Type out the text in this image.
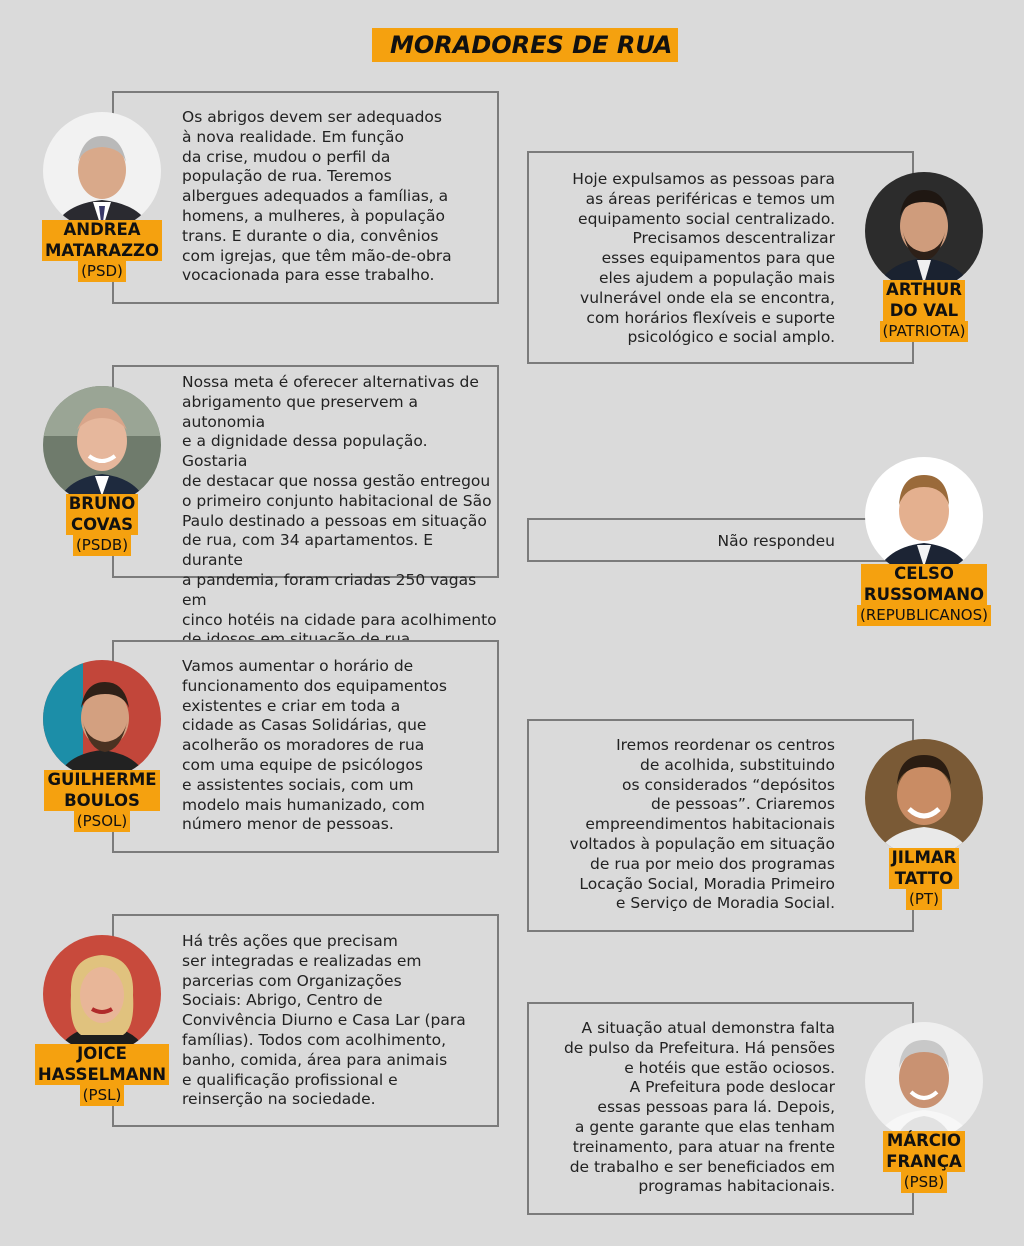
MORADORES DE RUA
ANDREA
MATARAZZO
(PSD)
Os abrigos devem ser adequados
à nova realidade. Em função
da crise, mudou o perfil da
população de rua. Teremos
albergues adequados a famílias, a
homens, a mulheres, à população
trans. E durante o dia, convênios
com igrejas, que têm mão-de-obra
vocacionada para esse trabalho.
BRUNO
COVAS
(PSDB)
Nossa meta é oferecer alternativas de
abrigamento que preservem a autonomia
e a dignidade dessa população. Gostaria
de destacar que nossa gestão entregou
o primeiro conjunto habitacional de São
Paulo destinado a pessoas em situação
de rua, com 34 apartamentos. E durante
a pandemia, foram criadas 250 vagas em
cinco hotéis na cidade para acolhimento

GUILHERME
BOULOS
(PSOL)
Vamos aumentar o horário de
funcionamento dos equipamentos
existentes e criar em toda a
cidade as Casas Solidárias, que
acolherão os moradores de rua
com uma equipe de psicólogos
e assistentes sociais, com um
modelo mais humanizado, com
número menor de pessoas.
JOICE
HASSELMANN
(PSL)
Há três ações que precisam
ser integradas e realizadas em
parcerias com Organizações
Sociais: Abrigo, Centro de
Convivência Diurno e Casa Lar (para
famílias). Todos com acolhimento,
banho, comida, área para animais
e qualificação profissional e
reinserção na sociedade.
ARTHUR
DO VAL
(PATRIOTA)
Hoje expulsamos as pessoas para
as áreas periféricas e temos um
equipamento social centralizado.
Precisamos descentralizar
esses equipamentos para que
eles ajudem a população mais
vulnerável onde ela se encontra,
com horários flexíveis e suporte
psicológico e social amplo.
CELSO
RUSSOMANO
(REPUBLICANOS)
Não respondeu
JILMAR
TATTO
(PT)
Iremos reordenar os centros
de acolhida, substituindo
os considerados “depósitos
de pessoas”. Criaremos
empreendimentos habitacionais
voltados à população em situação
de rua por meio dos programas
Locação Social, Moradia Primeiro
e Serviço de Moradia Social.
MÁRCIO
FRANÇA
(PSB)
A situação atual demonstra falta
de pulso da Prefeitura. Há pensões
e hotéis que estão ociosos.
A Prefeitura pode deslocar
essas pessoas para lá. Depois,
a gente garante que elas tenham
treinamento, para atuar na frente
de trabalho e ser beneficiados em
programas habitacionais.
